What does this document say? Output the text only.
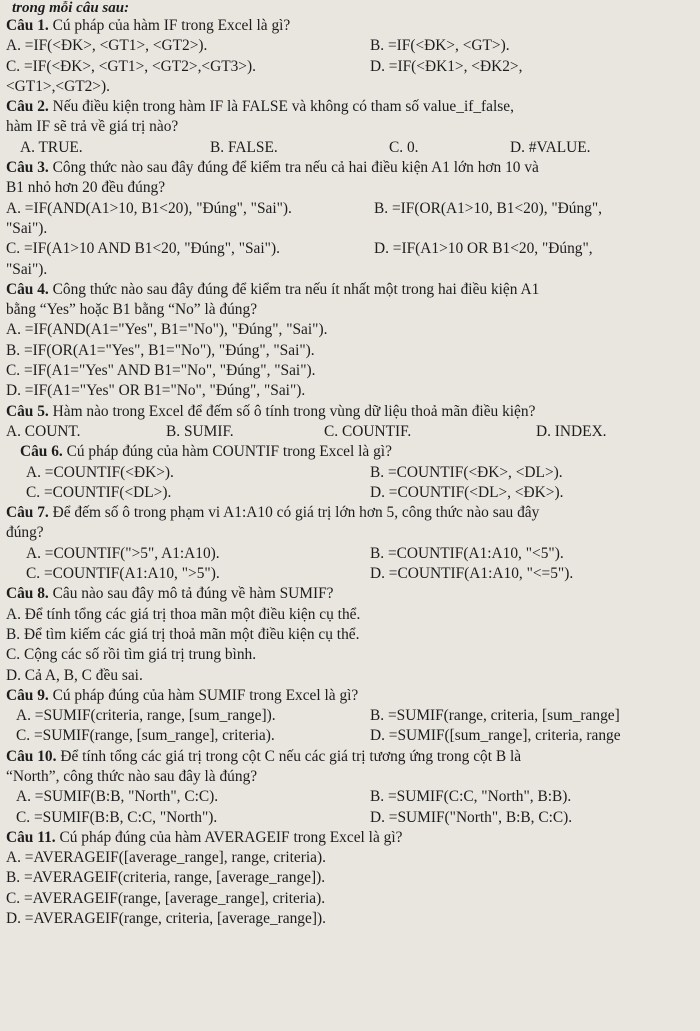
trong mỗi câu sau:
Câu 1. Cú pháp của hàm IF trong Excel là gì?
A. =IF(<ĐK>, <GT1>, <GT2>).	B. =IF(<ĐK>, <GT>).
C. =IF(<ĐK>, <GT1>, <GT2>,<GT3>).	D. =IF(<ĐK1>, <ĐK2>,
<GT1>,<GT2>).
Câu 2. Nếu điều kiện trong hàm IF là FALSE và không có tham số value_if_false,
hàm IF sẽ trả về giá trị nào?
A. TRUE.	B. FALSE.	C. 0.	D. #VALUE.
Câu 3. Công thức nào sau đây đúng để kiểm tra nếu cả hai điều kiện A1 lớn hơn 10 và
B1 nhỏ hơn 20 đều đúng?
A. =IF(AND(A1>10, B1<20), "Đúng", "Sai").	B. =IF(OR(A1>10, B1<20), "Đúng",
"Sai").
C. =IF(A1>10 AND B1<20, "Đúng", "Sai").	D. =IF(A1>10 OR B1<20, "Đúng",
"Sai").
Câu 4. Công thức nào sau đây đúng để kiểm tra nếu ít nhất một trong hai điều kiện A1
bằng “Yes” hoặc B1 bằng “No” là đúng?
A. =IF(AND(A1="Yes", B1="No"), "Đúng", "Sai").
B. =IF(OR(A1="Yes", B1="No"), "Đúng", "Sai").
C. =IF(A1="Yes" AND B1="No", "Đúng", "Sai").
D. =IF(A1="Yes" OR B1="No", "Đúng", "Sai").
Câu 5. Hàm nào trong Excel để đếm số ô tính trong vùng dữ liệu thoả mãn điều kiện?
A. COUNT.	B. SUMIF.	C. COUNTIF.	D. INDEX.
Câu 6. Cú pháp đúng của hàm COUNTIF trong Excel là gì?
A. =COUNTIF(<ĐK>).	B. =COUNTIF(<ĐK>, <DL>).
C. =COUNTIF(<DL>).	D. =COUNTIF(<DL>, <ĐK>).
Câu 7. Để đếm số ô trong phạm vi A1:A10 có giá trị lớn hơn 5, công thức nào sau đây
đúng?
A. =COUNTIF(">5", A1:A10).	B. =COUNTIF(A1:A10, "<5").
C. =COUNTIF(A1:A10, ">5").	D. =COUNTIF(A1:A10, "<=5").
Câu 8. Câu nào sau đây mô tả đúng về hàm SUMIF?
A. Để tính tổng các giá trị thoa mãn một điều kiện cụ thể.
B. Để tìm kiếm các giá trị thoả mãn một điều kiện cụ thể.
C. Cộng các số rồi tìm giá trị trung bình.
D. Cả A, B, C đều sai.
Câu 9. Cú pháp đúng của hàm SUMIF trong Excel là gì?
A. =SUMIF(criteria, range, [sum_range]).	B. =SUMIF(range, criteria, [sum_range]
C. =SUMIF(range, [sum_range], criteria).	D. =SUMIF([sum_range], criteria, range
Câu 10. Để tính tổng các giá trị trong cột C nếu các giá trị tương ứng trong cột B là
“North”, công thức nào sau đây là đúng?
A. =SUMIF(B:B, "North", C:C).	B. =SUMIF(C:C, "North", B:B).
C. =SUMIF(B:B, C:C, "North").	D. =SUMIF("North", B:B, C:C).
Câu 11. Cú pháp đúng của hàm AVERAGEIF trong Excel là gì?
A. =AVERAGEIF([average_range], range, criteria).
B. =AVERAGEIF(criteria, range, [average_range]).
C. =AVERAGEIF(range, [average_range], criteria).
D. =AVERAGEIF(range, criteria, [average_range]).
